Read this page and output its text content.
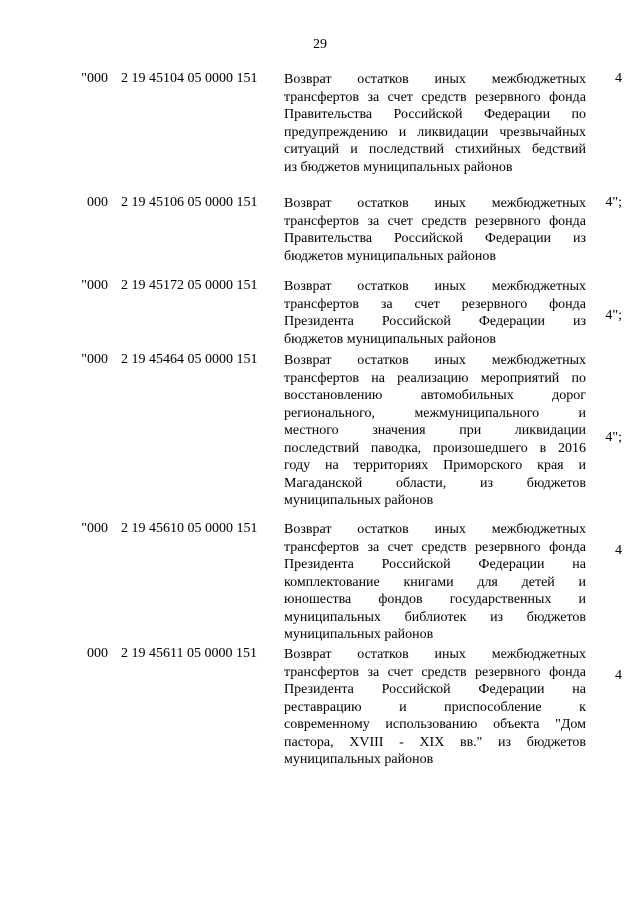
29
"000 2 19 45104 05 0000 151	Возврат остатков иных межбюджетных
трансфертов за счет средств резервного фонда
Правительства Российской Федерации по
предупреждению и ликвидации чрезвычайных
ситуаций и последствий стихийных бедствий
из бюджетов муниципальных районов
4
000 2 19 45106 05 0000 151	Возврат остатков иных межбюджетных
трансфертов за счет средств резервного фонда
Правительства Российской Федерации из
бюджетов муниципальных районов
4";
"000 2 19 45172 05 0000 151	Возврат остатков иных межбюджетных
трансфертов за счет резервного фонда
Президента Российской Федерации из
бюджетов муниципальных районов
4";
"000 2 19 45464 05 0000 151	Возврат остатков иных межбюджетных
трансфертов на реализацию мероприятий по
восстановлению автомобильных дорог
регионального, межмуниципального и
местного значения при ликвидации
последствий паводка, произошедшего в 2016
году на территориях Приморского края и
Магаданской области, из бюджетов
муниципальных районов
4";
"000 2 19 45610 05 0000 151	Возврат остатков иных межбюджетных
трансфертов за счет средств резервного фонда
Президента Российской Федерации на
комплектование книгами для детей и
юношества фондов государственных и
муниципальных библиотек из бюджетов
муниципальных районов
4
000 2 19 45611 05 0000 151	Возврат остатков иных межбюджетных
трансфертов за счет средств резервного фонда
Президента Российской Федерации на
реставрацию и приспособление к
современному использованию объекта "Дом
пастора, XVIII - XIX вв." из бюджетов
муниципальных районов
4
